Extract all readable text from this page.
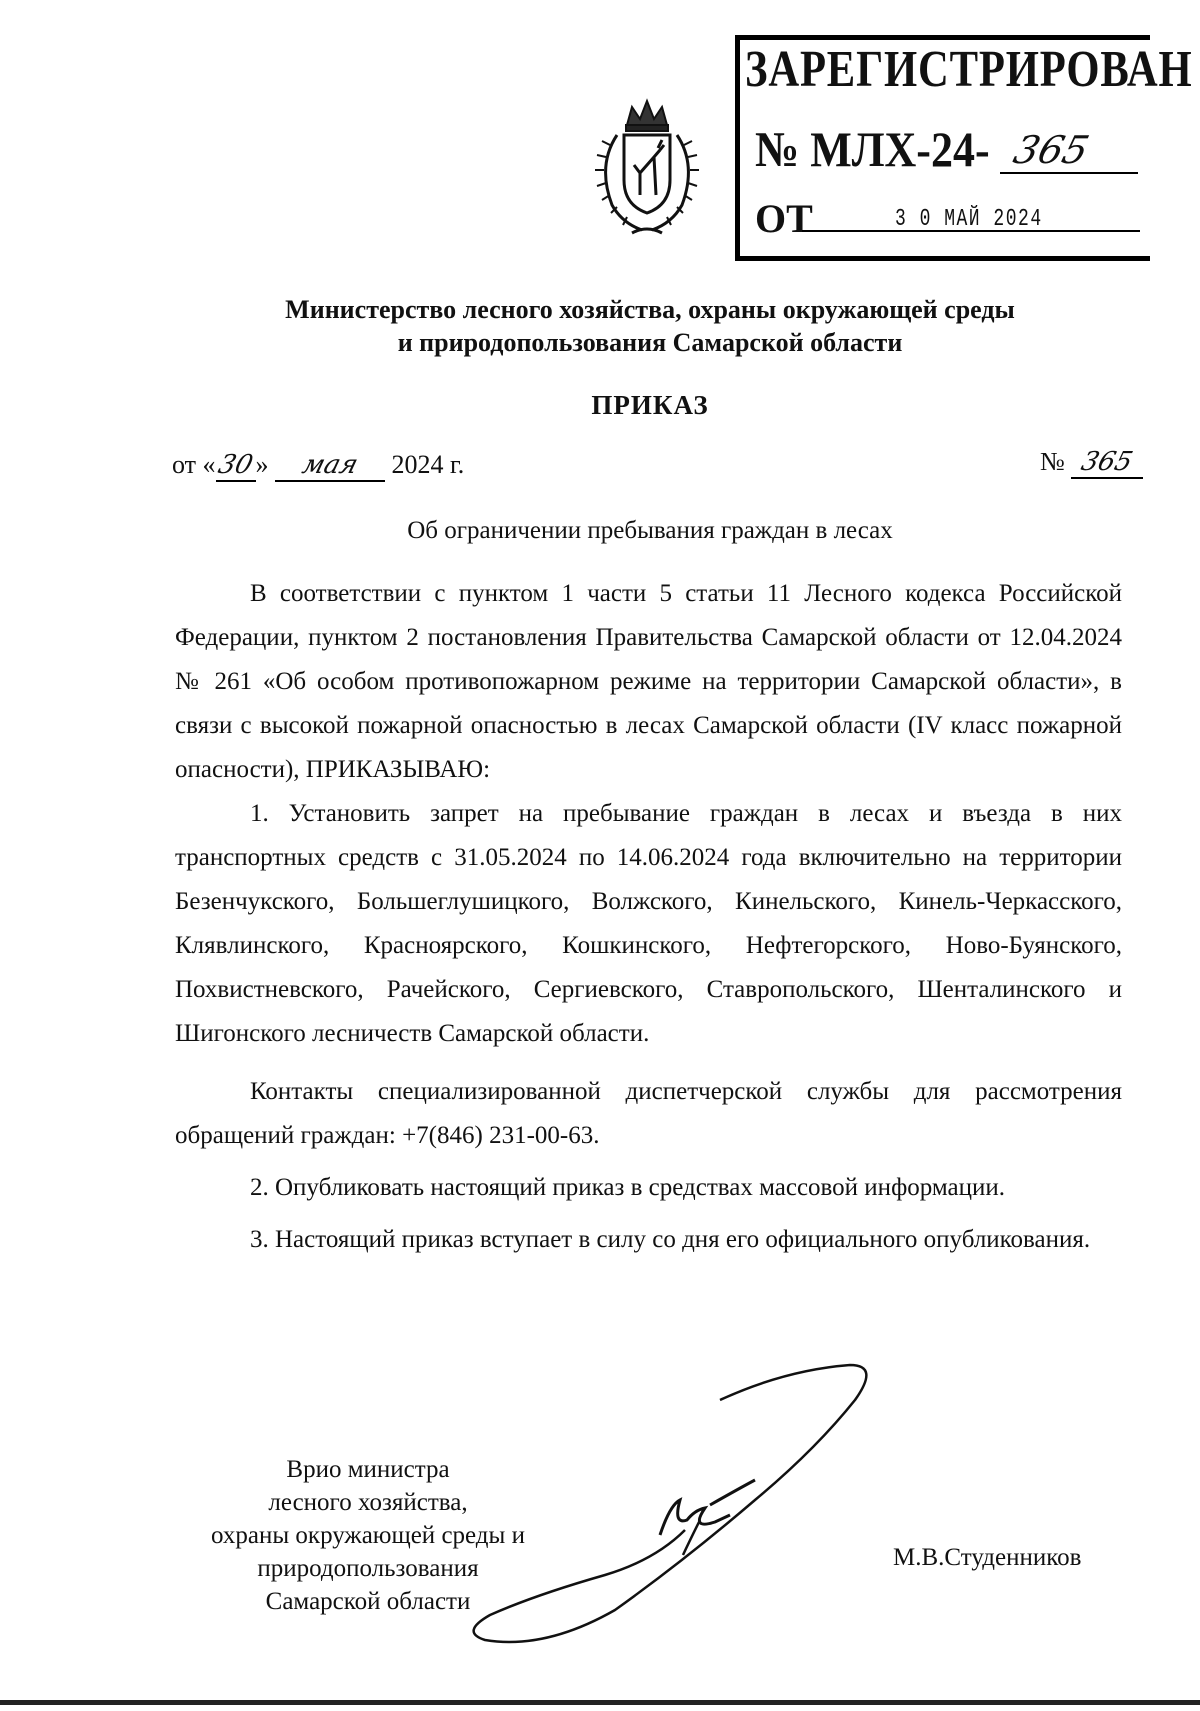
ЗАРЕГИСТРИРОВАН
№ МЛХ-24- 365
ОТ	3 0 МАЙ 2024
Министерство лесного хозяйства, охраны окружающей среды
и природопользования Самарской области
ПРИКАЗ
от «30» мая 2024 г.	№ 365
Об ограничении пребывания граждан в лесах

В соответствии с пунктом 1 части 5 статьи 11 Лесного кодекса Российской Федерации, пунктом 2 постановления Правительства Самарской области от 12.04.2024 № 261 «Об особом противопожарном режиме на территории Самарской области», в связи с высокой пожарной опасностью в лесах Самарской области (IV класс пожарной опасности), ПРИКАЗЫВАЮ:

1. Установить запрет на пребывание граждан в лесах и въезда в них транспортных средств с 31.05.2024 по 14.06.2024 года включительно на территории Безенчукского, Большеглушицкого, Волжского, Кинельского, Кинель-Черкасского, Клявлинского, Красноярского, Кошкинского, Нефтегорского, Ново-Буянского, Похвистневского, Рачейского, Сергиевского, Ставропольского, Шенталинского и Шигонского лесничеств Самарской области.

Контакты специализированной диспетчерской службы для рассмотрения обращений граждан: +7(846) 231-00-63.

2. Опубликовать настоящий приказ в средствах массовой информации.

3. Настоящий приказ вступает в силу со дня его официального опубликования.

Врио министра
лесного хозяйства,
охраны окружающей среды и
природопользования
Самарской области
М.В.Студенников
